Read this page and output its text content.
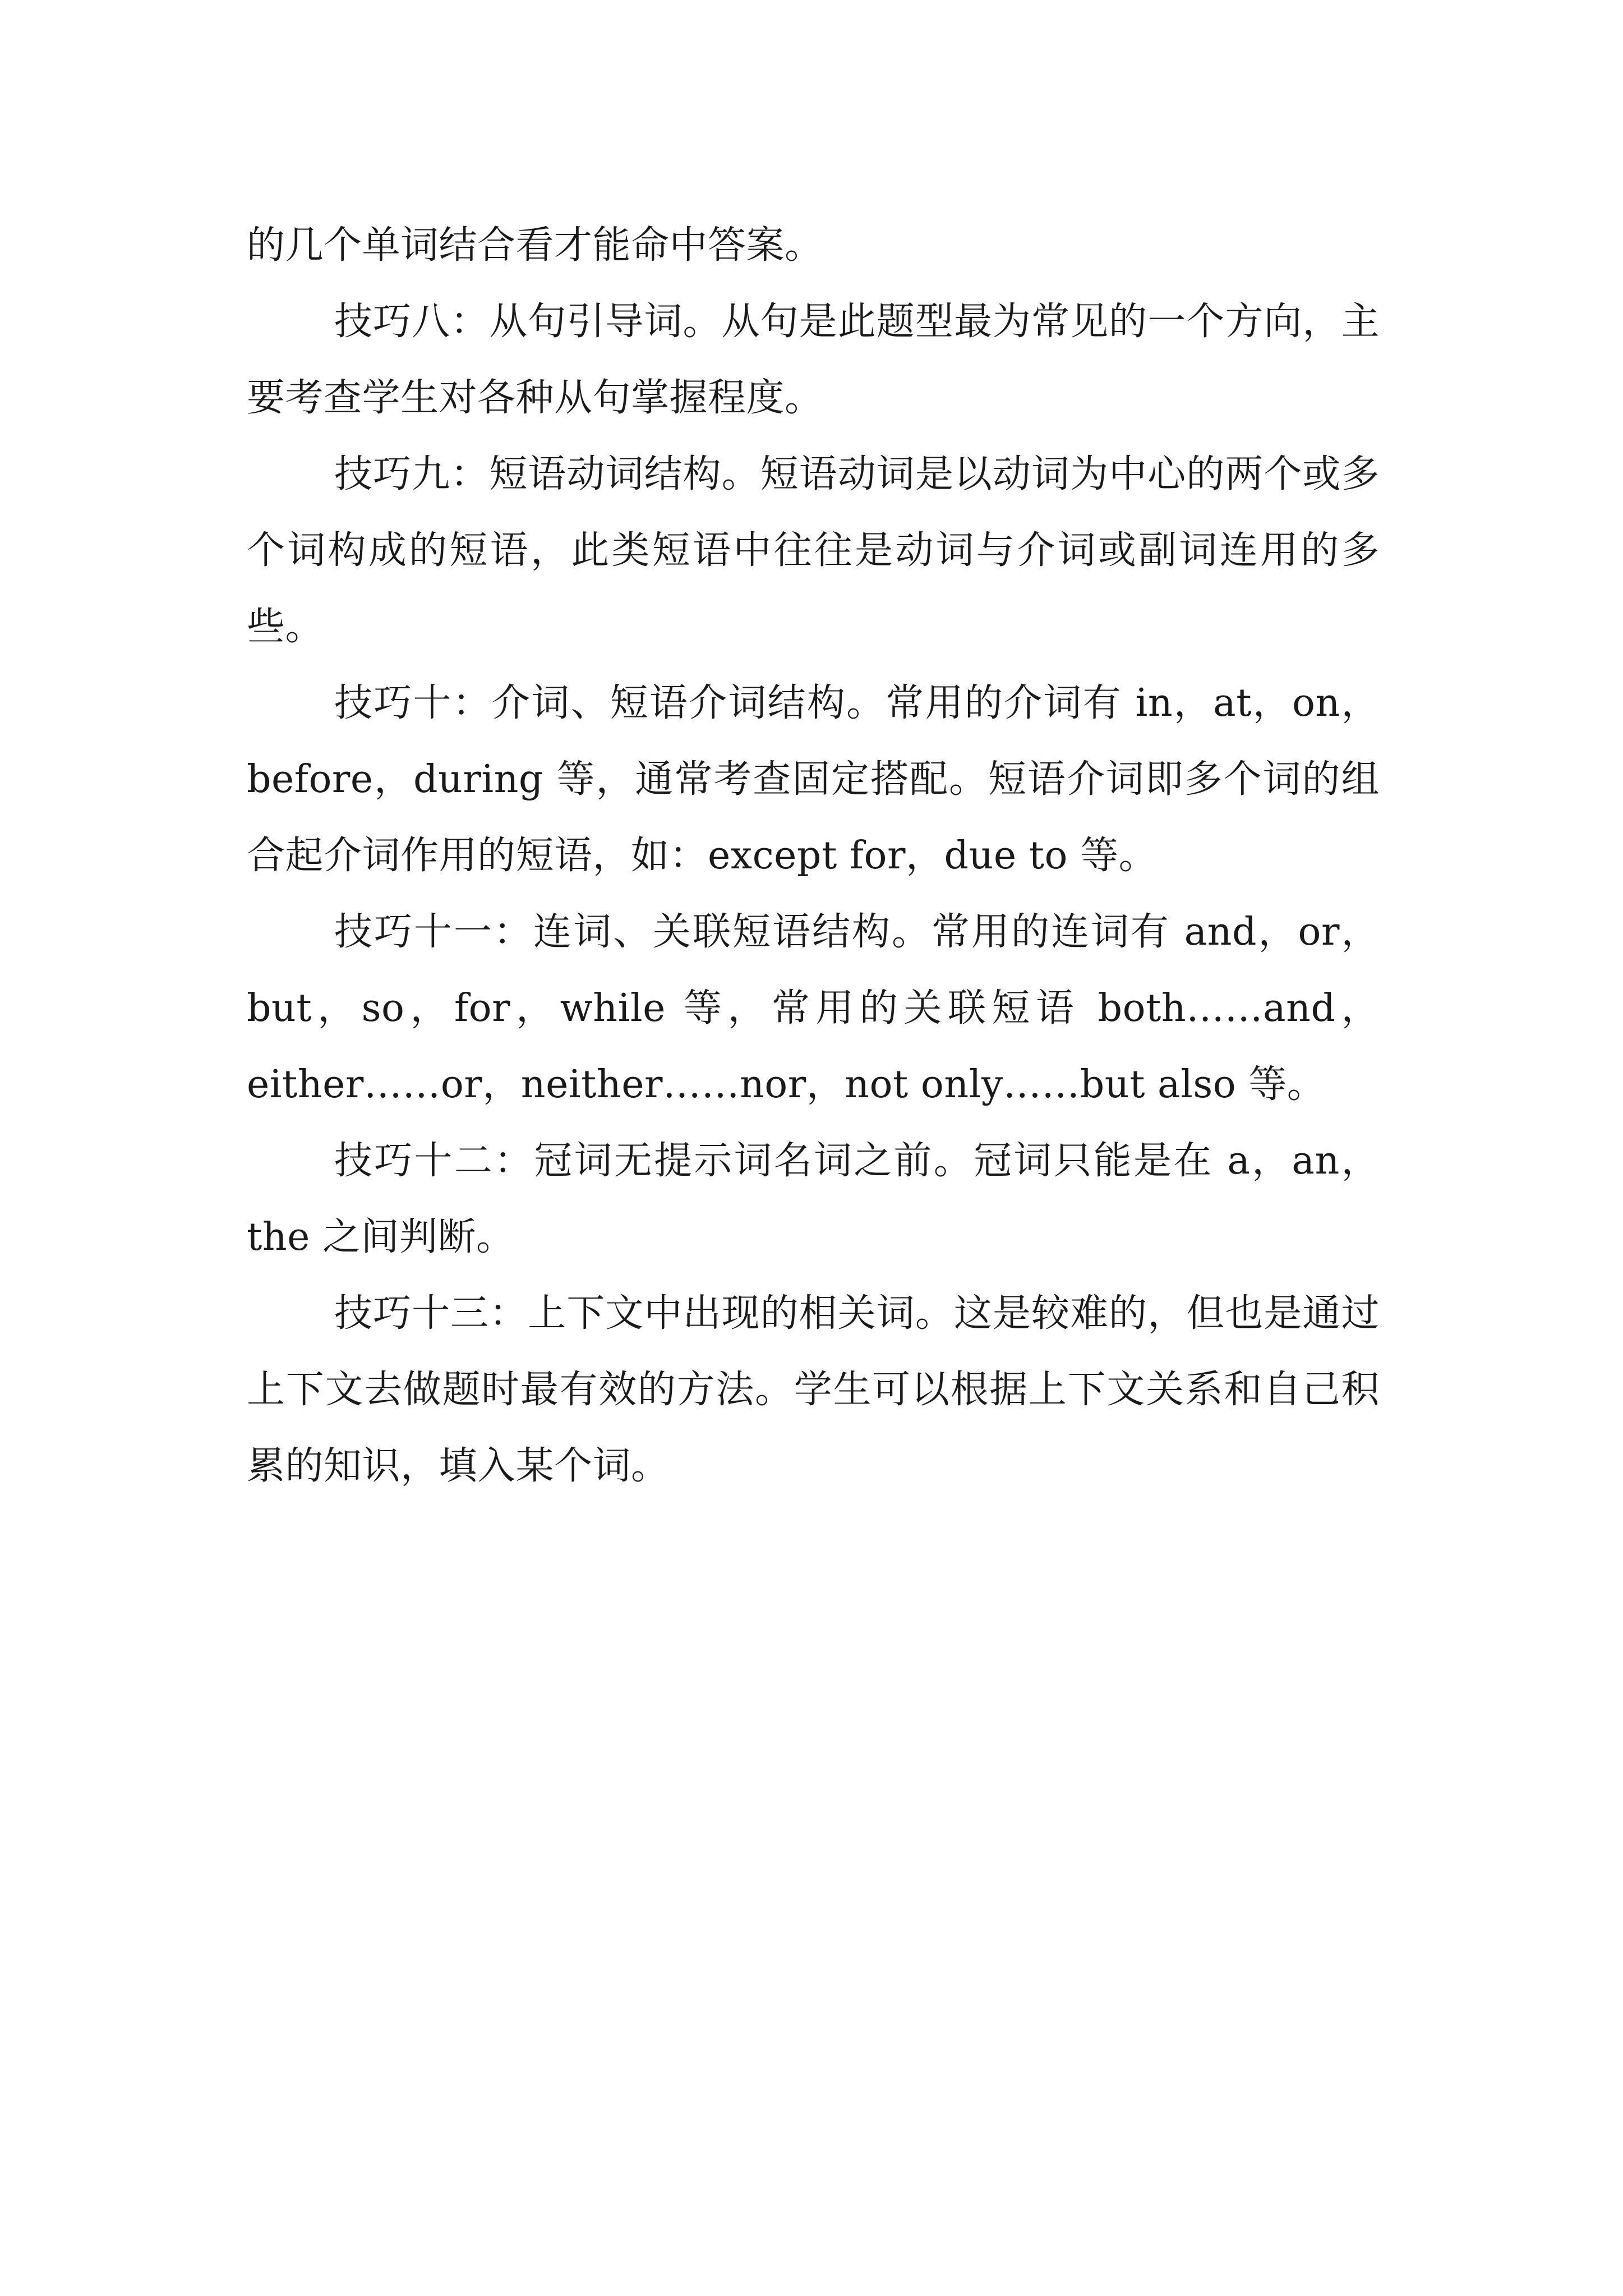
的几个单词结合看才能命中答案。

技巧八：从句引导词。从句是此题型最为常见的一个方向，主要考查学生对各种从句掌握程度。

技巧九：短语动词结构。短语动词是以动词为中心的两个或多个词构成的短语，此类短语中往往是动词与介词或副词连用的多些。

技巧十：介词、短语介词结构。常用的介词有 in，at，on，before，during 等，通常考查固定搭配。短语介词即多个词的组合起介词作用的短语，如：except for，due to 等。

技巧十一：连词、关联短语结构。常用的连词有 and，or，but，so，for，while 等，常用的关联短语 both……and，either……or，neither……nor，not only……but also 等。

技巧十二：冠词无提示词名词之前。冠词只能是在 a，an，the 之间判断。

技巧十三：上下文中出现的相关词。这是较难的，但也是通过上下文去做题时最有效的方法。学生可以根据上下文关系和自己积累的知识，填入某个词。
